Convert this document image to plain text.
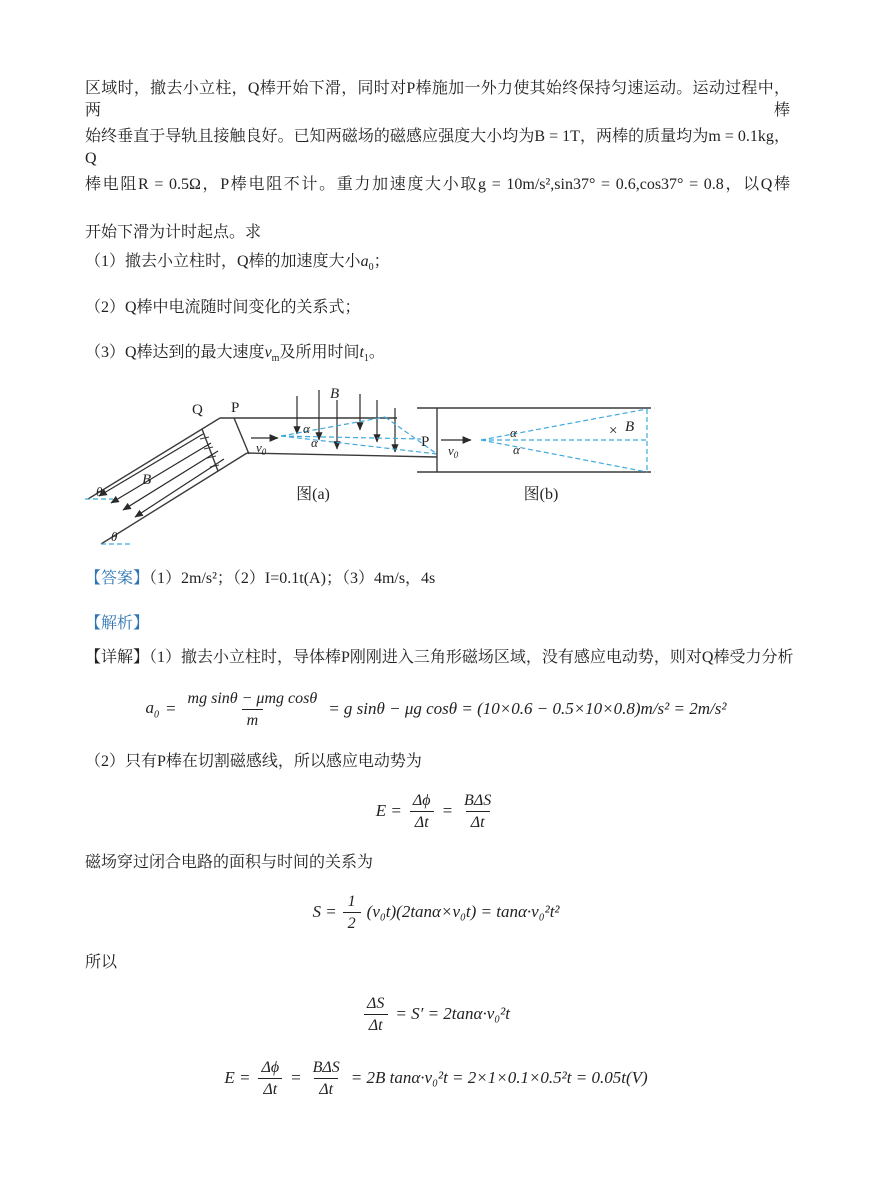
区域时，撤去小立柱，Q棒开始下滑，同时对P棒施加一外力使其始终保持匀速运动。运动过程中，两棒
始终垂直于导轨且接触良好。已知两磁场的磁感应强度大小均为B = 1T，两棒的质量均为m = 0.1kg，Q
棒电阻R = 0.5Ω，P棒电阻不计。重力加速度大小取g = 10m/s²,sin37° = 0.6,cos37° = 0.8，以Q棒
开始下滑为计时起点。求
（1）撤去小立柱时，Q棒的加速度大小$a_0$；
（2）Q棒中电流随时间变化的关系式；
（3）Q棒达到的最大速度$v_m$及所用时间$t_1$。
Q P
B
B
θ
θ
$v_0$
α
α
图(a)
P
$v_0$
α
α
× B
图(b)
【答案】（1）2m/s²；（2）I=0.1t(A)；（3）4m/s，4s
【解析】
【详解】（1）撤去小立柱时，导体棒P刚刚进入三角形磁场区域，没有感应电动势，则对Q棒受力分析
$a_0 = \frac{\text{mg sinθ − μmg cosθ}}{m} = g$ sinθ − μg cosθ = (10×0.6 − 0.5×10×0.8)m/s² = 2m/s²
（2）只有P棒在切割磁感线，所以感应电动势为
$E = \frac{\Delta\phi}{\Delta t} = \frac{\text{BΔS}}{\Delta t}$
磁场穿过闭合电路的面积与时间的关系为
$S = \frac{1}{2} (v_0t)(2\tan\alpha\times v_0t) = \tan\alpha\cdot v_0^2t^2$
所以
$\frac{\Delta S}{\Delta t} = S' = 2\tan\alpha\cdot v_0^2t$
$E = \frac{\Delta\phi}{\Delta t} = \frac{\text{BΔS}}{\Delta t} = 2B$ tanα·v₀²t = 2×1×0.1×0.5²t = 0.05t(V)
